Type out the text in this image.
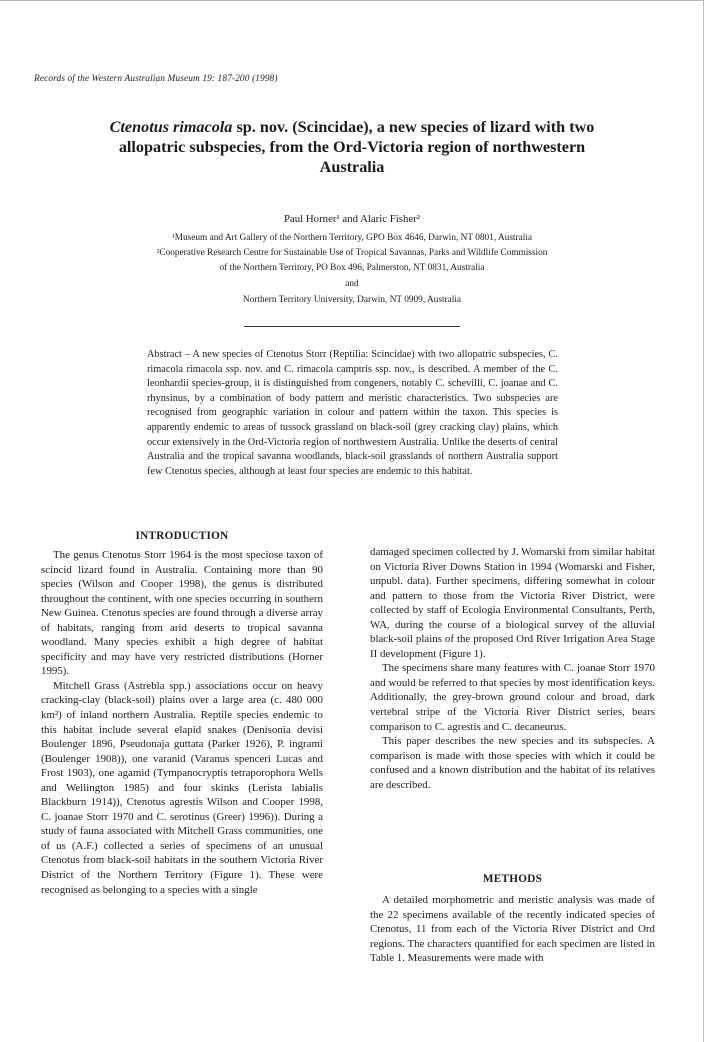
Records of the Western Australian Museum 19: 187-200 (1998)
Ctenotus rimacola sp. nov. (Scincidae), a new species of lizard with two allopatric subspecies, from the Ord-Victoria region of northwestern Australia
Paul Horner¹ and Alaric Fisher²
¹Museum and Art Gallery of the Northern Territory, GPO Box 4646, Darwin, NT 0801, Australia
²Cooperative Research Centre for Sustainable Use of Tropical Savannas, Parks and Wildlife Commission
of the Northern Territory, PO Box 496, Palmerston, NT 0831, Australia
and
Northern Territory University, Darwin, NT 0909, Australia

Abstract – A new species of Ctenotus Storr (Reptilia: Scincidae) with two allopatric subspecies, C. rimacola rimacola ssp. nov. and C. rimacola camptris ssp. nov., is described. A member of the C. leonhardii species-group, it is distinguished from congeners, notably C. schevilli, C. joanae and C. rhynsinus, by a combination of body pattern and meristic characteristics. Two subspecies are recognised from geographic variation in colour and pattern within the taxon. This species is apparently endemic to areas of tussock grassland on black-soil (grey cracking clay) plains, which occur extensively in the Ord-Victoria region of northwestern Australia. Unlike the deserts of central Australia and the tropical savanna woodlands, black-soil grasslands of northern Australia support few Ctenotus species, although at least four species are endemic to this habitat.

INTRODUCTION

The genus Ctenotus Storr 1964 is the most speciose taxon of scincid lizard found in Australia. Containing more than 90 species (Wilson and Cooper 1998), the genus is distributed throughout the continent, with one species occurring in southern New Guinea. Ctenotus species are found through a diverse array of habitats, ranging from arid deserts to tropical savanna woodland. Many species exhibit a high degree of habitat specificity and may have very restricted distributions (Horner 1995).

Mitchell Grass (Astrebla spp.) associations occur on heavy cracking-clay (black-soil) plains over a large area (c. 480 000 km²) of inland northern Australia. Reptile species endemic to this habitat include several elapid snakes (Denisonia devisi Boulenger 1896, Pseudonaja guttata (Parker 1926), P. ingrami (Boulenger 1908)), one varanid (Varanus spenceri Lucas and Frost 1903), one agamid (Tympanocryptis tetraporophora Wells and Wellington 1985) and four skinks (Lerista labialis Blackburn 1914)), Ctenotus agrestis Wilson and Cooper 1998, C. joanae Storr 1970 and C. serotinus (Greer) 1996)). During a study of fauna associated with Mitchell Grass communities, one of us (A.F.) collected a series of specimens of an unusual Ctenotus from black-soil habitats in the southern Victoria River District of the Northern Territory (Figure 1). These were recognised as belonging to a species with a single

damaged specimen collected by J. Womarski from similar habitat on Victoria River Downs Station in 1994 (Womarski and Fisher, unpubl. data). Further specimens, differing somewhat in colour and pattern to those from the Victoria River District, were collected by staff of Ecologia Environmental Consultants, Perth, WA, during the course of a biological survey of the alluvial black-soil plains of the proposed Ord River Irrigation Area Stage II development (Figure 1).

The specimens share many features with C. joanae Storr 1970 and would be referred to that species by most identification keys. Additionally, the grey-brown ground colour and broad, dark vertebral stripe of the Victoria River District series, bears comparison to C. agrestis and C. decaneurus.

This paper describes the new species and its subspecies. A comparison is made with those species with which it could be confused and a known distribution and the habitat of its relatives are described.

METHODS

A detailed morphometric and meristic analysis was made of the 22 specimens available of the recently indicated species of Ctenotus, 11 from each of the Victoria River District and Ord regions. The characters quantified for each specimen are listed in Table 1. Measurements were made with
